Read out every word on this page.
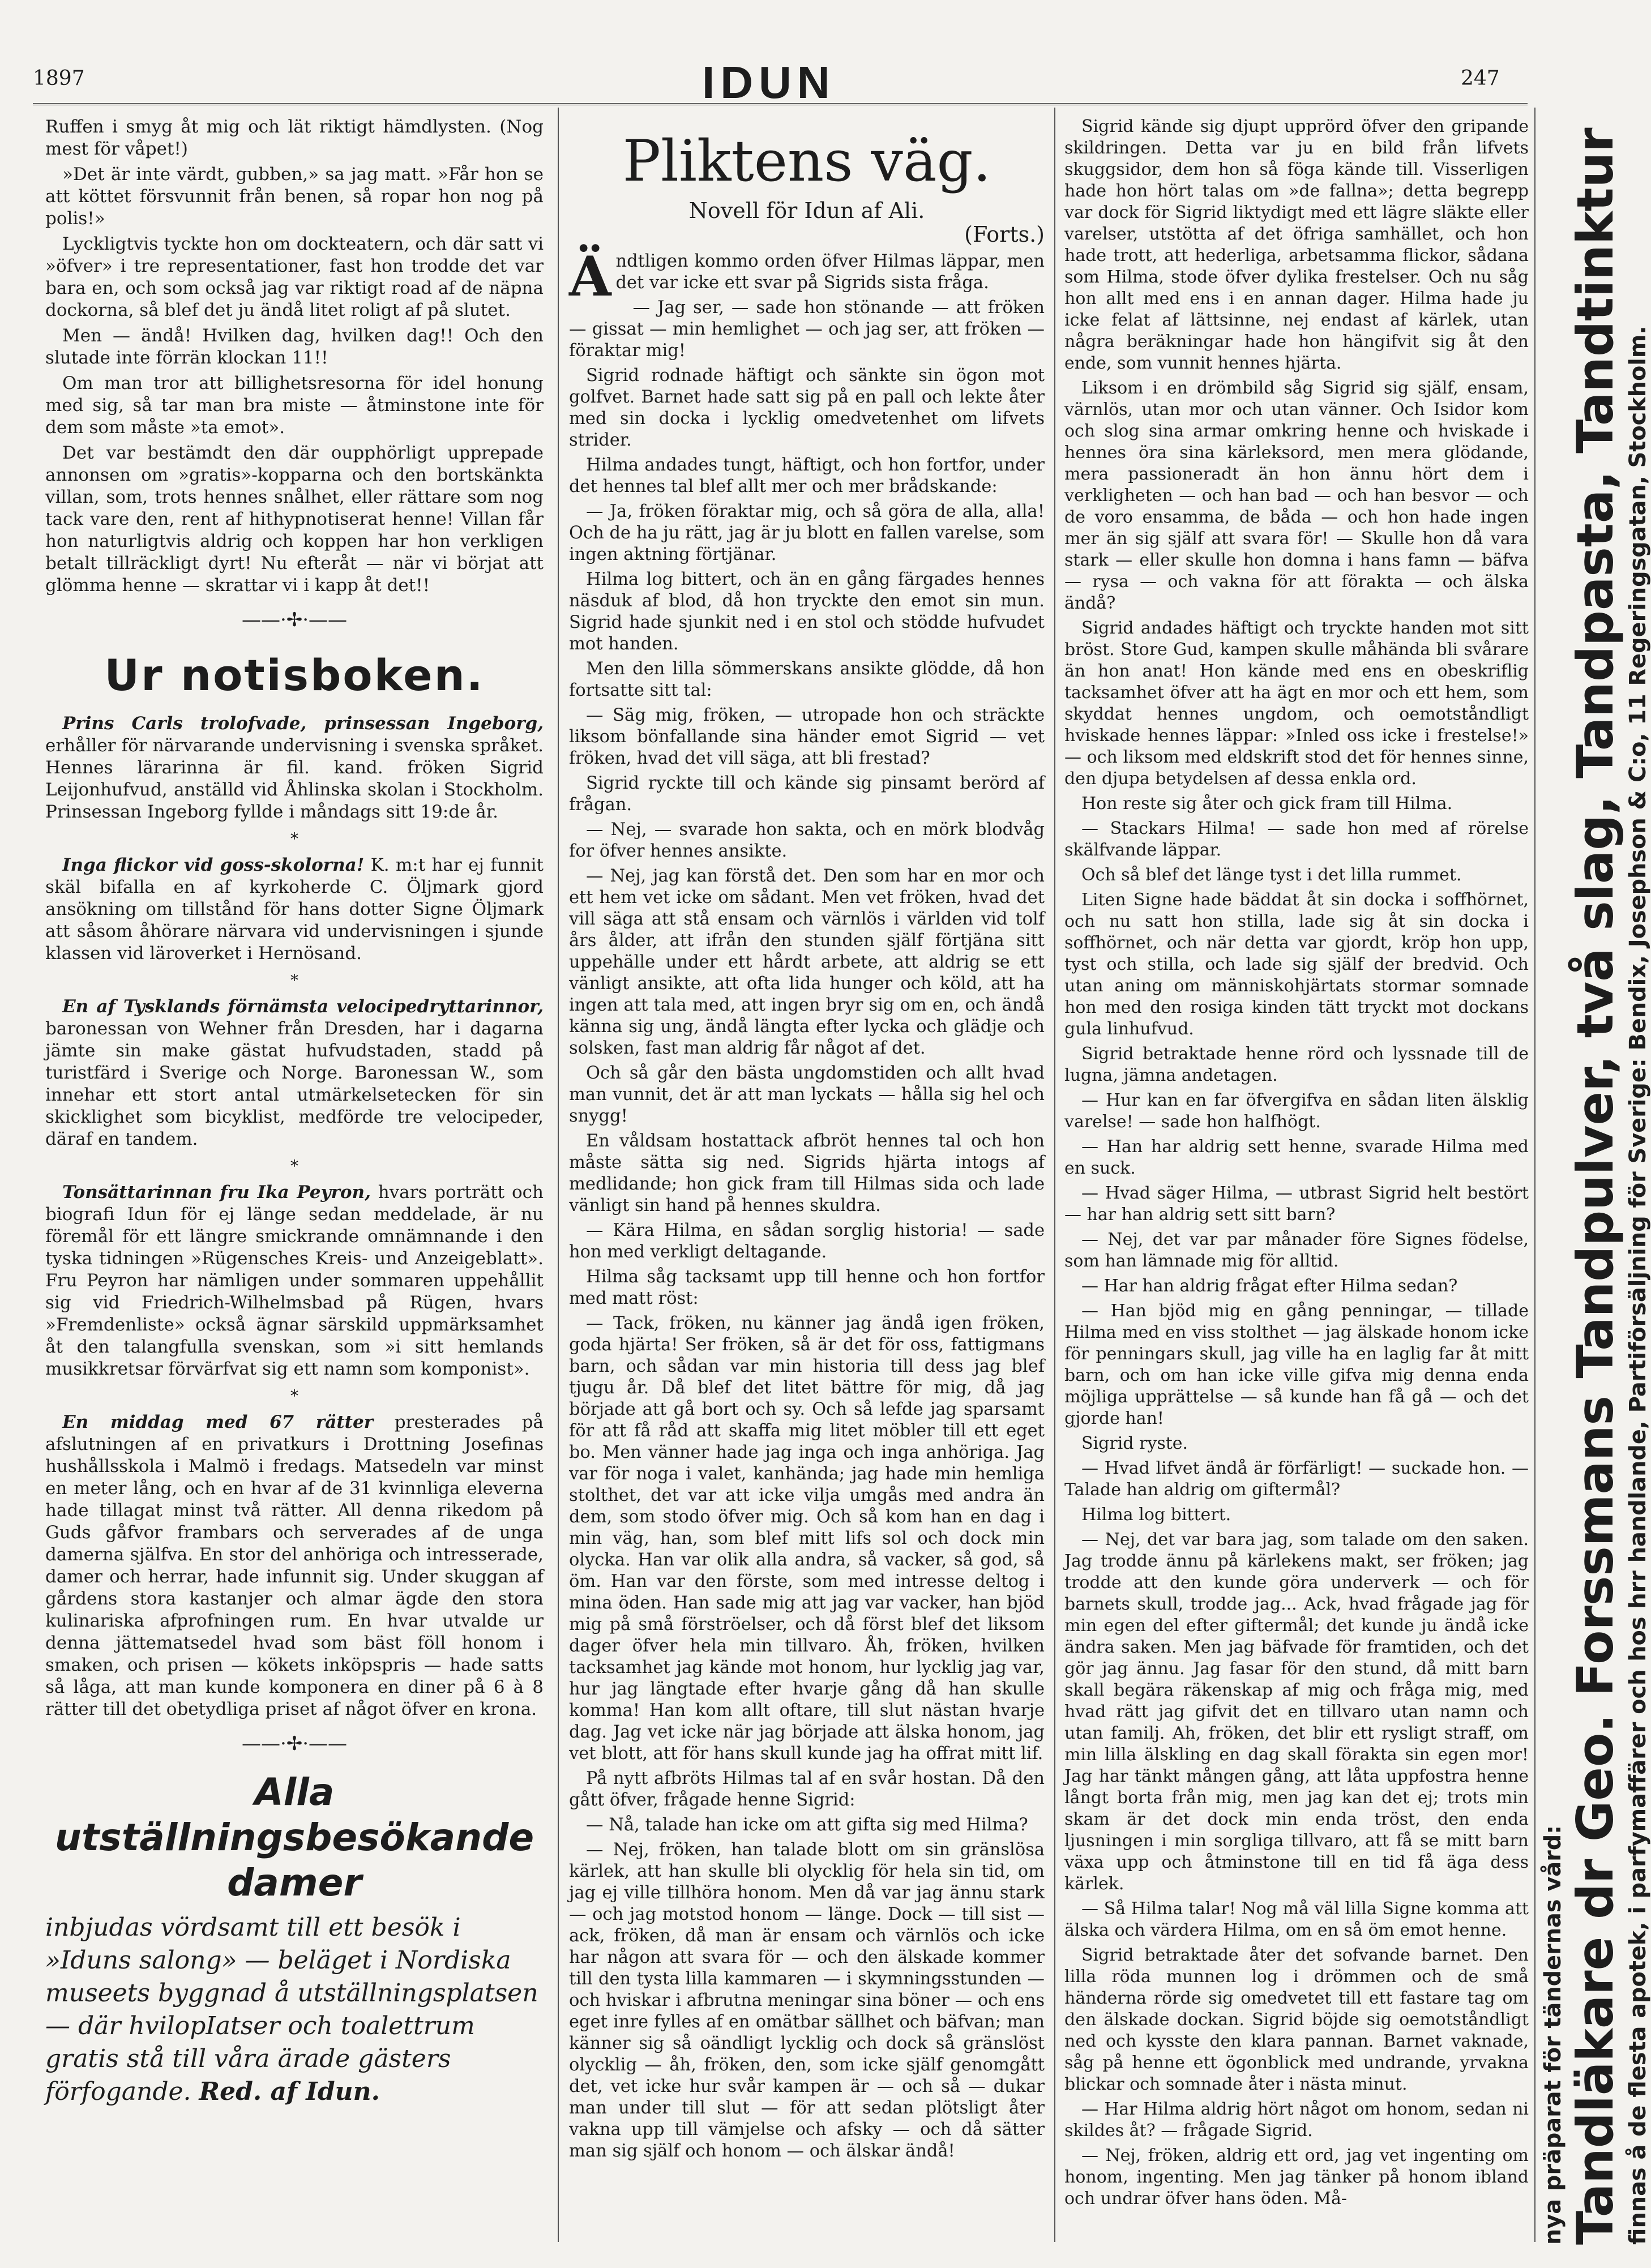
1897	IDUN	247

Ruffen i smyg åt mig och lät riktigt hämdlysten. (Nog mest för våpet!)

»Det är inte värdt, gubben,» sa jag matt. »Får hon se att köttet försvunnit från benen, så ropar hon nog på polis!»

Lyckligtvis tyckte hon om dockteatern, och där satt vi »öfver» i tre representationer, fast hon trodde det var bara en, och som också jag var riktigt road af de näpna dockorna, så blef det ju ändå litet roligt af på slutet.

Men — ändå! Hvilken dag, hvilken dag!! Och den slutade inte förrän klockan 11!!

Om man tror att billighetsresorna för idel honung med sig, så tar man bra miste — åtminstone inte för dem som måste »ta emot».

Det var bestämdt den där oupphörligt upprepade annonsen om »gratis»-kopparna och den bortskänkta villan, som, trots hennes snålhet, eller rättare som nog tack vare den, rent af hithypnotiserat henne! Villan får hon naturligtvis aldrig och koppen har hon verkligen betalt tillräckligt dyrt! Nu efteråt — när vi börjat att glömma henne — skrattar vi i kapp åt det!!

——·✢·——
Ur notisboken.

Prins Carls trolofvade, prinsessan Ingeborg, erhåller för närvarande undervisning i svenska språket. Hennes lärarinna är fil. kand. fröken Sigrid Leijonhufvud, anställd vid Åhlinska skolan i Stockholm. Prinsessan Ingeborg fyllde i måndags sitt 19:de år.

*

Inga flickor vid goss-skolorna! K. m:t har ej funnit skäl bifalla en af kyrkoherde C. Öljmark gjord ansökning om tillstånd för hans dotter Signe Öljmark att såsom åhörare närvara vid undervisningen i sjunde klassen vid läroverket i Hernösand.

*

En af Tysklands förnämsta velocipedryttarinnor, baronessan von Wehner från Dresden, har i dagarna jämte sin make gästat hufvudstaden, stadd på turistfärd i Sverige och Norge. Baronessan W., som innehar ett stort antal utmärkelsetecken för sin skicklighet som bicyklist, medförde tre velocipeder, däraf en tandem.

*

Tonsättarinnan fru Ika Peyron, hvars porträtt och biografi Idun för ej länge sedan meddelade, är nu föremål för ett längre smickrande omnämnande i den tyska tidningen »Rügensches Kreis- und Anzeigeblatt». Fru Peyron har nämligen under sommaren uppehållit sig vid Friedrich-Wilhelmsbad på Rügen, hvars »Fremdenliste» också ägnar särskild uppmärksamhet åt den talangfulla svenskan, som »i sitt hemlands musikkretsar förvärfvat sig ett namn som komponist».

*

En middag med 67 rätter presterades på afslutningen af en privatkurs i Drottning Josefinas hushållsskola i Malmö i fredags. Matsedeln var minst en meter lång, och en hvar af de 31 kvinnliga eleverna hade tillagat minst två rätter. All denna rikedom på Guds gåfvor frambars och serverades af de unga damerna själfva. En stor del anhöriga och intresserade, damer och herrar, hade infunnit sig. Under skuggan af gårdens stora kastanjer och almar ägde den stora kulinariska afprofningen rum. En hvar utvalde ur denna jättematsedel hvad som bäst föll honom i smaken, och prisen — kökets inköpspris — hade satts så låga, att man kunde komponera en diner på 6 à 8 rätter till det obetydliga priset af något öfver en krona.

——·✢·——
Alla utställningsbesökande damer
inbjudas vördsamt till ett besök i »Iduns salong» — beläget i Nordiska museets byggnad å utställningsplatsen — där hvilopIatser och toalettrum gratis stå till våra ärade gästers förfogande. Red. af Idun.
Pliktens väg.
Novell för Idun af Ali.
(Forts.)

Ändtligen kommo orden öfver Hilmas läppar, men det var icke ett svar på Sigrids sista fråga.

— Jag ser, — sade hon stönande — att fröken — gissat — min hemlighet — och jag ser, att fröken — föraktar mig!

Sigrid rodnade häftigt och sänkte sin ögon mot golfvet. Barnet hade satt sig på en pall och lekte åter med sin docka i lycklig omedvetenhet om lifvets strider.

Hilma andades tungt, häftigt, och hon fortfor, under det hennes tal blef allt mer och mer brådskande:

— Ja, fröken föraktar mig, och så göra de alla, alla! Och de ha ju rätt, jag är ju blott en fallen varelse, som ingen aktning förtjänar.

Hilma log bittert, och än en gång färgades hennes näsduk af blod, då hon tryckte den emot sin mun. Sigrid hade sjunkit ned i en stol och stödde hufvudet mot handen.

Men den lilla sömmerskans ansikte glödde, då hon fortsatte sitt tal:

— Säg mig, fröken, — utropade hon och sträckte liksom bönfallande sina händer emot Sigrid — vet fröken, hvad det vill säga, att bli frestad?

Sigrid ryckte till och kände sig pinsamt berörd af frågan.

— Nej, — svarade hon sakta, och en mörk blodvåg for öfver hennes ansikte.

— Nej, jag kan förstå det. Den som har en mor och ett hem vet icke om sådant. Men vet fröken, hvad det vill säga att stå ensam och värnlös i världen vid tolf års ålder, att ifrån den stunden själf förtjäna sitt uppehälle under ett hårdt arbete, att aldrig se ett vänligt ansikte, att ofta lida hunger och köld, att ha ingen att tala med, att ingen bryr sig om en, och ändå känna sig ung, ändå längta efter lycka och glädje och solsken, fast man aldrig får något af det.

Och så går den bästa ungdomstiden och allt hvad man vunnit, det är att man lyckats — hålla sig hel och snygg!

En våldsam hostattack afbröt hennes tal och hon måste sätta sig ned. Sigrids hjärta intogs af medlidande; hon gick fram till Hilmas sida och lade vänligt sin hand på hennes skuldra.

— Kära Hilma, en sådan sorglig historia! — sade hon med verkligt deltagande.

Hilma såg tacksamt upp till henne och hon fortfor med matt röst:

— Tack, fröken, nu känner jag ändå igen fröken, goda hjärta! Ser fröken, så är det för oss, fattigmans barn, och sådan var min historia till dess jag blef tjugu år. Då blef det litet bättre för mig, då jag började att gå bort och sy. Och så lefde jag sparsamt för att få råd att skaffa mig litet möbler till ett eget bo. Men vänner hade jag inga och inga anhöriga. Jag var för noga i valet, kanhända; jag hade min hemliga stolthet, det var att icke vilja umgås med andra än dem, som stodo öfver mig. Och så kom han en dag i min väg, han, som blef mitt lifs sol och dock min olycka. Han var olik alla andra, så vacker, så god, så öm. Han var den förste, som med intresse deltog i mina öden. Han sade mig att jag var vacker, han bjöd mig på små förströelser, och då först blef det liksom dager öfver hela min tillvaro. Åh, fröken, hvilken tacksamhet jag kände mot honom, hur lycklig jag var, hur jag längtade efter hvarje gång då han skulle komma! Han kom allt oftare, till slut nästan hvarje dag. Jag vet icke när jag började att älska honom, jag vet blott, att för hans skull kunde jag ha offrat mitt lif.

På nytt afbröts Hilmas tal af en svår hostan. Då den gått öfver, frågade henne Sigrid:

— Nå, talade han icke om att gifta sig med Hilma?

— Nej, fröken, han talade blott om sin gränslösa kärlek, att han skulle bli olycklig för hela sin tid, om jag ej ville tillhöra honom. Men då var jag ännu stark — och jag motstod honom — länge. Dock — till sist — ack, fröken, då man är ensam och värnlös och icke har någon att svara för — och den älskade kommer till den tysta lilla kammaren — i skymningsstunden — och hviskar i afbrutna meningar sina böner — och ens eget inre fylles af en omätbar sällhet och bäfvan; man känner sig så oändligt lycklig och dock så gränslöst olycklig — åh, fröken, den, som icke själf genomgått det, vet icke hur svår kampen är — och så — dukar man under till slut — för att sedan plötsligt åter vakna upp till vämjelse och afsky — och då sätter man sig själf och honom — och älskar ändå!

Sigrid kände sig djupt upprörd öfver den gripande skildringen. Detta var ju en bild från lifvets skuggsidor, dem hon så föga kände till. Visserligen hade hon hört talas om »de fallna»; detta begrepp var dock för Sigrid liktydigt med ett lägre släkte eller varelser, utstötta af det öfriga samhället, och hon hade trott, att hederliga, arbetsamma flickor, sådana som Hilma, stode öfver dylika frestelser. Och nu såg hon allt med ens i en annan dager. Hilma hade ju icke felat af lättsinne, nej endast af kärlek, utan några beräkningar hade hon hängifvit sig åt den ende, som vunnit hennes hjärta.

Liksom i en drömbild såg Sigrid sig själf, ensam, värnlös, utan mor och utan vänner. Och Isidor kom och slog sina armar omkring henne och hviskade i hennes öra sina kärleksord, men mera glödande, mera passioneradt än hon ännu hört dem i verkligheten — och han bad — och han besvor — och de voro ensamma, de båda — och hon hade ingen mer än sig själf att svara för! — Skulle hon då vara stark — eller skulle hon domna i hans famn — bäfva — rysa — och vakna för att förakta — och älska ändå?

Sigrid andades häftigt och tryckte handen mot sitt bröst. Store Gud, kampen skulle måhända bli svårare än hon anat! Hon kände med ens en obeskriflig tacksamhet öfver att ha ägt en mor och ett hem, som skyddat hennes ungdom, och oemotståndligt hviskade hennes läppar: »Inled oss icke i frestelse!» — och liksom med eldskrift stod det för hennes sinne, den djupa betydelsen af dessa enkla ord.

Hon reste sig åter och gick fram till Hilma.

— Stackars Hilma! — sade hon med af rörelse skälfvande läppar.

Och så blef det länge tyst i det lilla rummet.

Liten Signe hade bäddat åt sin docka i soffhörnet, och nu satt hon stilla, lade sig åt sin docka i soffhörnet, och när detta var gjordt, kröp hon upp, tyst och stilla, och lade sig själf der bredvid. Och utan aning om människohjärtats stormar somnade hon med den rosiga kinden tätt tryckt mot dockans gula linhufvud.

Sigrid betraktade henne rörd och lyssnade till de lugna, jämna andetagen.

— Hur kan en far öfvergifva en sådan liten älsklig varelse! — sade hon halfhögt.

— Han har aldrig sett henne, svarade Hilma med en suck.

— Hvad säger Hilma, — utbrast Sigrid helt bestört — har han aldrig sett sitt barn?

— Nej, det var par månader före Signes födelse, som han lämnade mig för alltid.

— Har han aldrig frågat efter Hilma sedan?

— Han bjöd mig en gång penningar, — tillade Hilma med en viss stolthet — jag älskade honom icke för penningars skull, jag ville ha en laglig far åt mitt barn, och om han icke ville gifva mig denna enda möjliga upprättelse — så kunde han få gå — och det gjorde han!

Sigrid ryste.

— Hvad lifvet ändå är förfärligt! — suckade hon. — Talade han aldrig om giftermål?

Hilma log bittert.

— Nej, det var bara jag, som talade om den saken. Jag trodde ännu på kärlekens makt, ser fröken; jag trodde att den kunde göra underverk — och för barnets skull, trodde jag... Ack, hvad frågade jag för min egen del efter giftermål; det kunde ju ändå icke ändra saken. Men jag bäfvade för framtiden, och det gör jag ännu. Jag fasar för den stund, då mitt barn skall begära räkenskap af mig och fråga mig, med hvad rätt jag gifvit det en tillvaro utan namn och utan familj. Ah, fröken, det blir ett rysligt straff, om min lilla älskling en dag skall förakta sin egen mor! Jag har tänkt mången gång, att låta uppfostra henne långt borta från mig, men jag kan det ej; trots min skam är det dock min enda tröst, den enda ljusningen i min sorgliga tillvaro, att få se mitt barn växa upp och åtminstone till en tid få äga dess kärlek.

— Så Hilma talar! Nog må väl lilla Signe komma att älska och värdera Hilma, om en så öm emot henne.

Sigrid betraktade åter det sofvande barnet. Den lilla röda munnen log i drömmen och de små händerna rörde sig omedvetet till ett fastare tag om den älskade dockan. Sigrid böjde sig oemotståndligt ned och kysste den klara pannan. Barnet vaknade, såg på henne ett ögonblick med undrande, yrvakna blickar och somnade åter i nästa minut.

— Har Hilma aldrig hört något om honom, sedan ni skildes åt? — frågade Sigrid.

— Nej, fröken, aldrig ett ord, jag vet ingenting om honom, ingenting. Men jag tänker på honom ibland och undrar öfver hans öden. Må-	nya präparat för tändernas vård: Tandläkare dr Geo. Forssmans Tandpulver, två slag, Tandpasta, Tandtinktur finnas å de flesta apotek, i parfymaffärer och hos hrr handlande, Partiförsäljning för Sverige: Bendix, Josephson & C:o, 11 Regeringsgatan, Stockholm.
